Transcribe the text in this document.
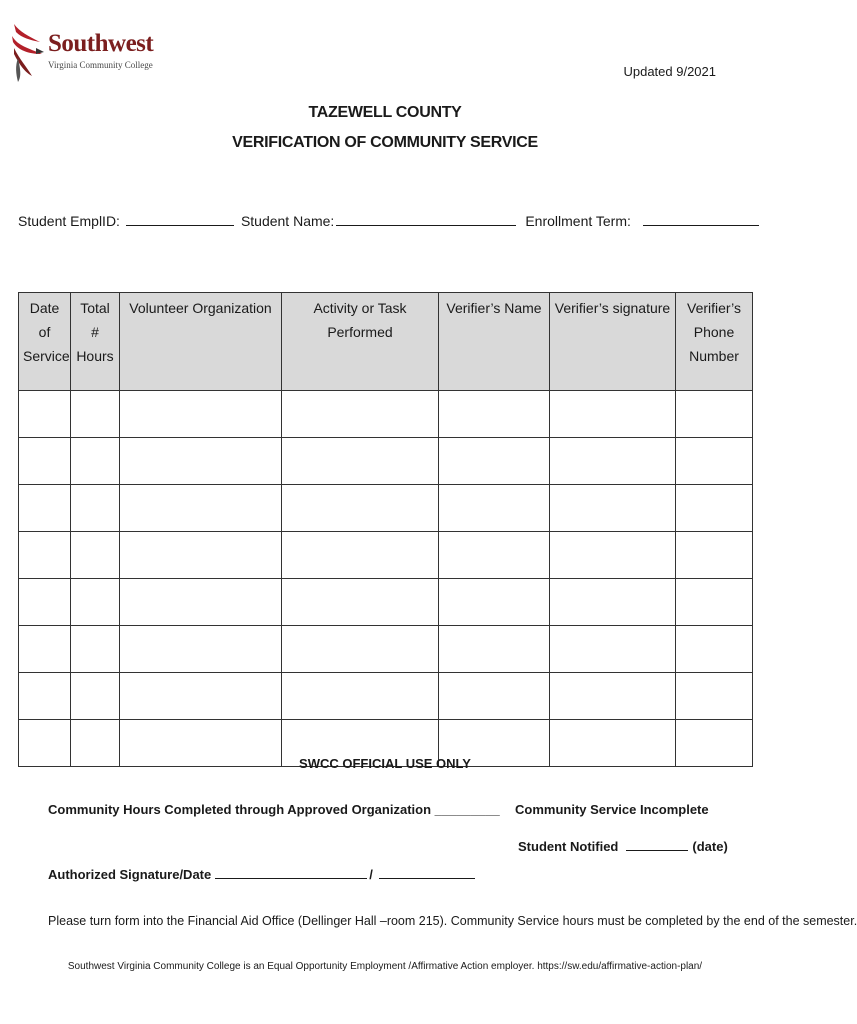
Southwest
Virginia Community College	Updated 9/2021
TAZEWELL COUNTY
VERIFICATION OF COMMUNITY SERVICE
Student EmplID:	Student Name:	Enrollment Term:
Date of Service	Total # Hours	Volunteer Organization	Activity or Task Performed	Verifier’s Name	Verifier’s signature	Verifier’s Phone Number

SWCC OFFICIAL USE ONLY
Community Hours Completed through Approved Organization _________ Community Service Incomplete
Student Notified	(date)
Authorized Signature/Date	/
Please turn form into the Financial Aid Office (Dellinger Hall –room 215). Community Service hours must be completed by the end of the semester.
Southwest Virginia Community College is an Equal Opportunity Employment /Affirmative Action employer. https://sw.edu/affirmative-action-plan/
